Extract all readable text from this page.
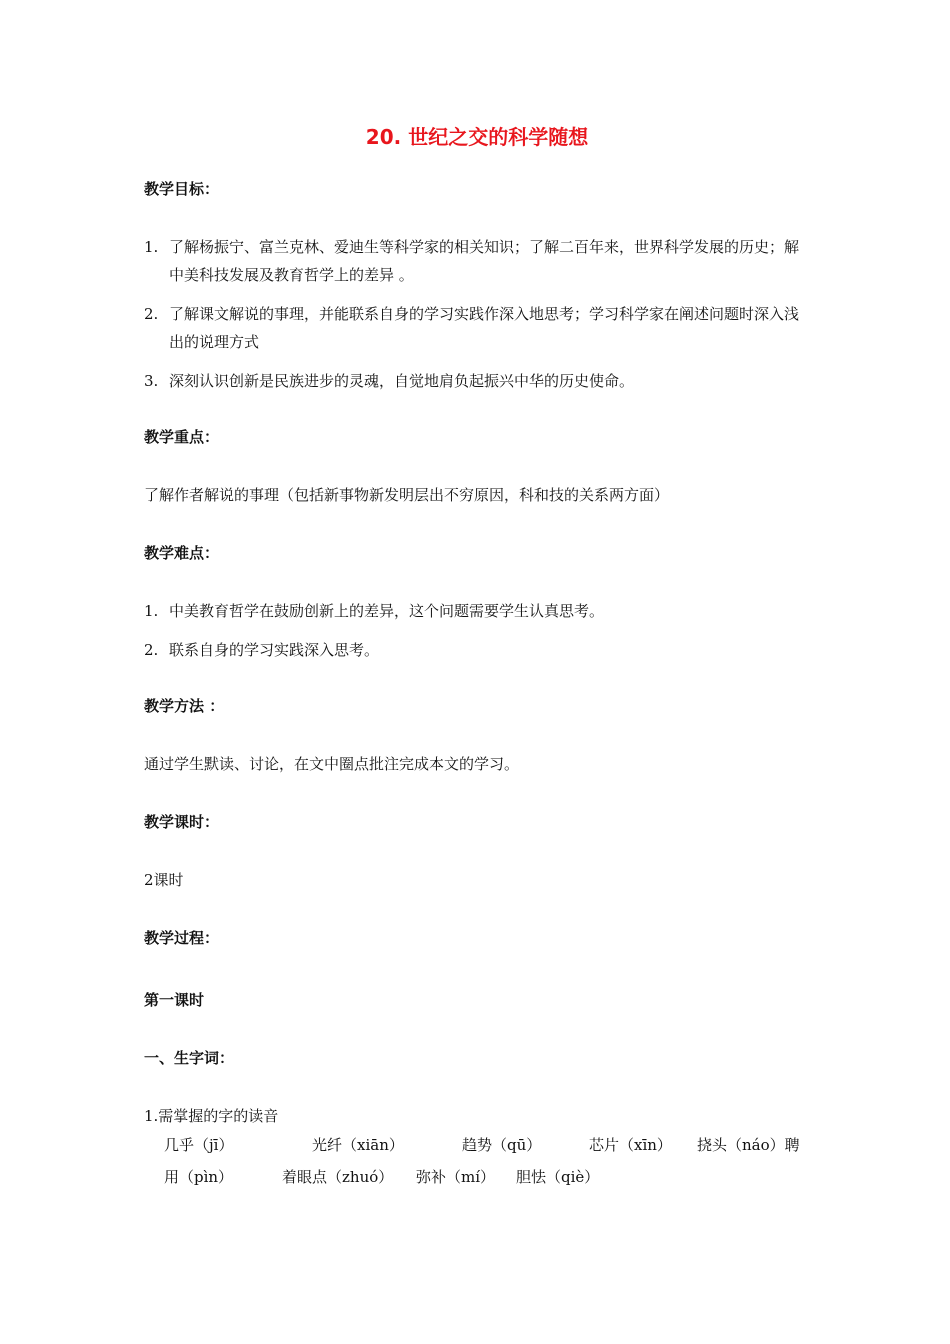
20. 世纪之交的科学随想
教学目标：
1. 了解杨振宁、富兰克林、爱迪生等科学家的相关知识；了解二百年来，世界科学发展的历史；解中美科技发展及教育哲学上的差异 。
2. 了解课文解说的事理，并能联系自身的学习实践作深入地思考；学习科学家在阐述问题时深入浅出的说理方式
3. 深刻认识创新是民族进步的灵魂，自觉地肩负起振兴中华的历史使命。
教学重点：

了解作者解说的事理（包括新事物新发明层出不穷原因，科和技的关系两方面）

教学难点：
1. 中美教育哲学在鼓励创新上的差异，这个问题需要学生认真思考。
2. 联系自身的学习实践深入思考。
教学方法 ：

通过学生默读、讨论，在文中圈点批注完成本文的学习。

教学课时：

2课时

教学过程：
第一课时
一、生字词：

1.需掌握的字的读音

几乎（jī）	光纤（xiān）	趋势（qū）	芯片（xīn） 挠头（náo）聘
用（pìn）	着眼点（zhuó） 弥补（mí） 胆怯（qiè）
